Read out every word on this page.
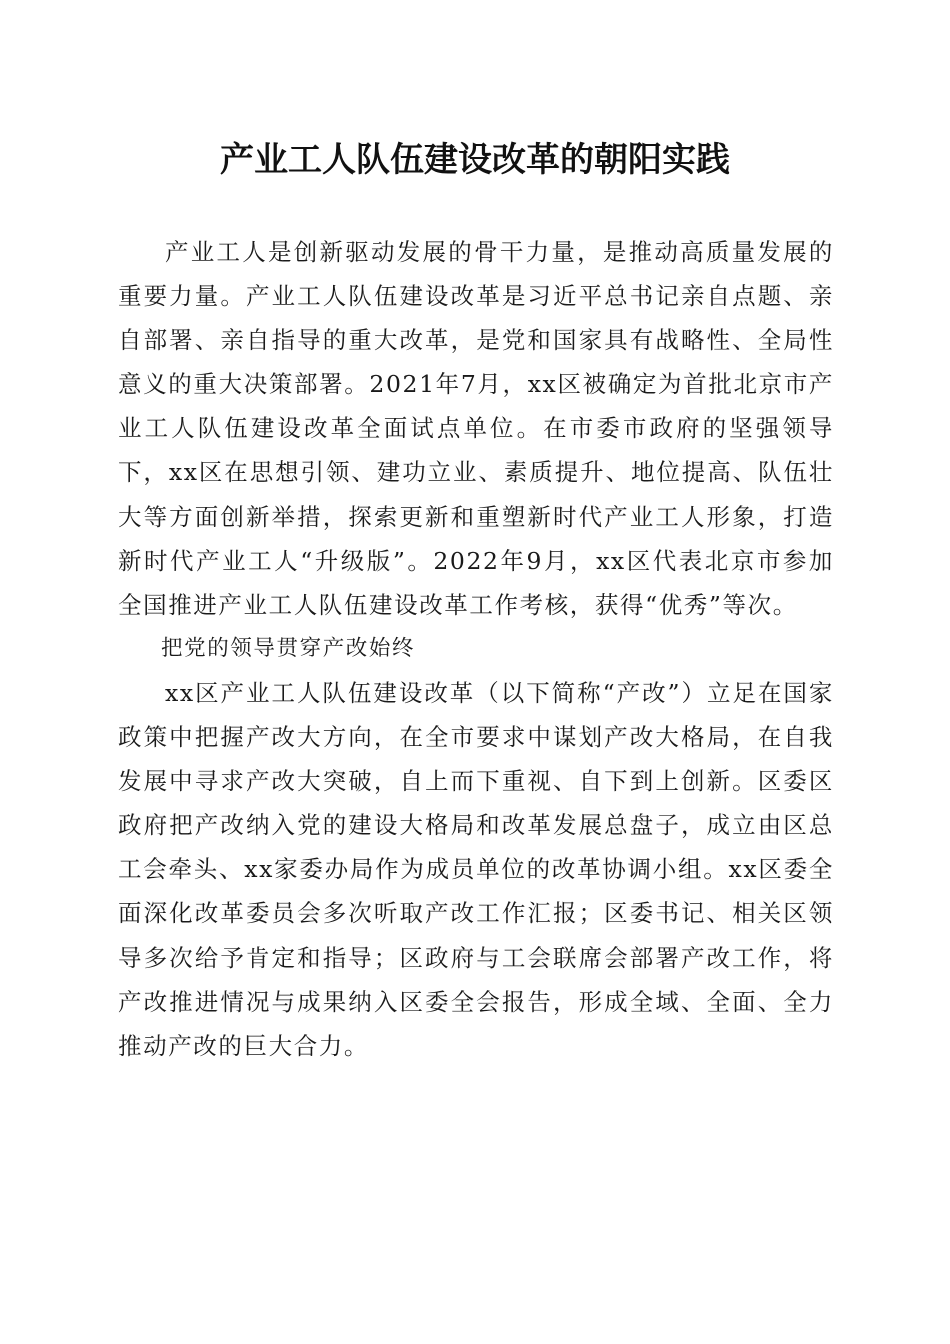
产业工人队伍建设改革的朝阳实践

产业工人是创新驱动发展的骨干力量，是推动高质量发展的重要力量。产业工人队伍建设改革是习近平总书记亲自点题、亲自部署、亲自指导的重大改革，是党和国家具有战略性、全局性意义的重大决策部署。2021年7月，xx区被确定为首批北京市产业工人队伍建设改革全面试点单位。在市委市政府的坚强领导下，xx区在思想引领、建功立业、素质提升、地位提高、队伍壮大等方面创新举措，探索更新和重塑新时代产业工人形象，打造新时代产业工人“升级版”。2022年9月，xx区代表北京市参加全国推进产业工人队伍建设改革工作考核，获得“优秀”等次。

把党的领导贯穿产改始终

xx区产业工人队伍建设改革（以下简称“产改”）立足在国家政策中把握产改大方向，在全市要求中谋划产改大格局，在自我发展中寻求产改大突破，自上而下重视、自下到上创新。区委区政府把产改纳入党的建设大格局和改革发展总盘子，成立由区总工会牵头、xx家委办局作为成员单位的改革协调小组。xx区委全面深化改革委员会多次听取产改工作汇报；区委书记、相关区领导多次给予肯定和指导；区政府与工会联席会部署产改工作，将产改推进情况与成果纳入区委全会报告，形成全域、全面、全力推动产改的巨大合力。
